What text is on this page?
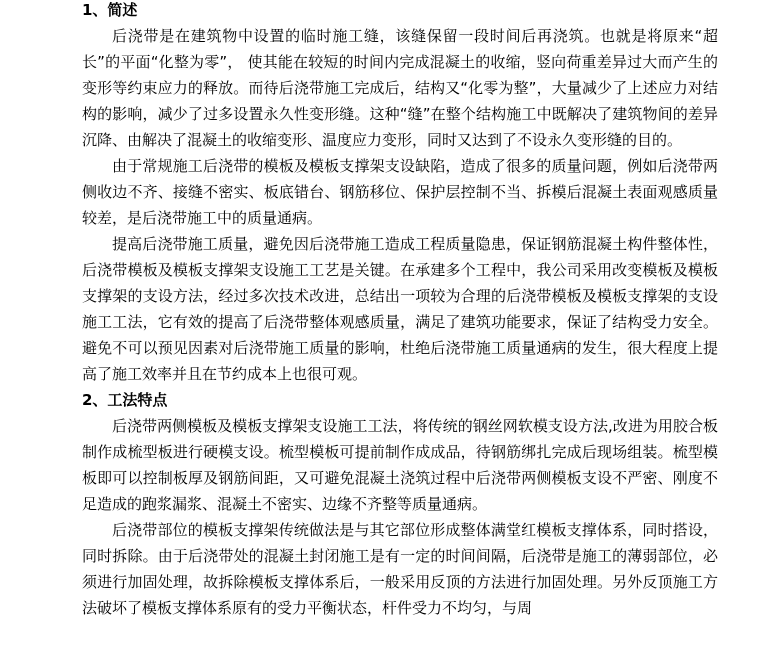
1、简述

后浇带是在建筑物中设置的临时施工缝，该缝保留一段时间后再浇筑。也就是将原来“超长”的平面“化整为零”， 使其能在较短的时间内完成混凝土的收缩，竖向荷重差异过大而产生的变形等约束应力的释放。而待后浇带施工完成后，结构又“化零为整”，大量减少了上述应力对结构的影响，减少了过多设置永久性变形缝。这种“缝”在整个结构施工中既解决了建筑物间的差异沉降、由解决了混凝土的收缩变形、温度应力变形，同时又达到了不设永久变形缝的目的。

由于常规施工后浇带的模板及模板支撑架支设缺陷，造成了很多的质量问题，例如后浇带两侧收边不齐、接缝不密实、板底错台、钢筋移位、保护层控制不当、拆模后混凝土表面观感质量较差，是后浇带施工中的质量通病。

提高后浇带施工质量，避免因后浇带施工造成工程质量隐患，保证钢筋混凝土构件整体性，后浇带模板及模板支撑架支设施工工艺是关键。在承建多个工程中，我公司采用改变模板及模板支撑架的支设方法，经过多次技术改进，总结出一项较为合理的后浇带模板及模板支撑架的支设施工工法，它有效的提高了后浇带整体观感质量，满足了建筑功能要求，保证了结构受力安全。避免不可以预见因素对后浇带施工质量的影响，杜绝后浇带施工质量通病的发生，很大程度上提高了施工效率并且在节约成本上也很可观。

2、工法特点

后浇带两侧模板及模板支撑架支设施工工法，将传统的钢丝网软模支设方法,改进为用胶合板制作成梳型板进行硬模支设。梳型模板可提前制作成成品，待钢筋绑扎完成后现场组装。梳型模板即可以控制板厚及钢筋间距，又可避免混凝土浇筑过程中后浇带两侧模板支设不严密、刚度不足造成的跑浆漏浆、混凝土不密实、边缘不齐整等质量通病。

后浇带部位的模板支撑架传统做法是与其它部位形成整体满堂红模板支撑体系，同时搭设，同时拆除。由于后浇带处的混凝土封闭施工是有一定的时间间隔，后浇带是施工的薄弱部位，必须进行加固处理，故拆除模板支撑体系后，一般采用反顶的方法进行加固处理。另外反顶施工方法破坏了模板支撑体系原有的受力平衡状态，杆件受力不均匀，与周
